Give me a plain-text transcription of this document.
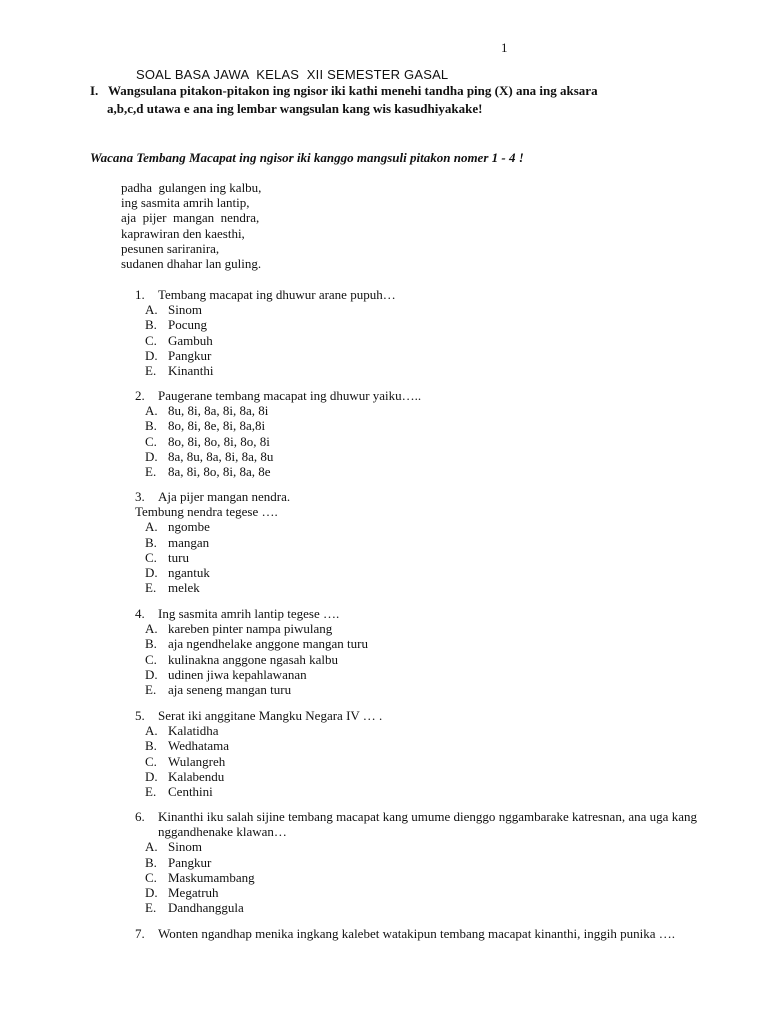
1
SOAL BASA JAWA  KELAS  XII SEMESTER GASAL
I. Wangsulana pitakon-pitakon ing ngisor iki kathi menehi tandha ping (X) ana ing aksara
a,b,c,d utawa e ana ing lembar wangsulan kang wis kasudhiyakake!
Wacana Tembang Macapat ing ngisor iki kanggo mangsuli pitakon nomer 1 - 4 !
padha  gulangen ing kalbu,
ing sasmita amrih lantip,
aja  pijer  mangan  nendra,
kaprawiran den kaesthi,
pesunen sariranira,
sudanen dhahar lan guling.
1. Tembang macapat ing dhuwur arane pupuh…
A. Sinom
B. Pocung
C. Gambuh
D. Pangkur
E. Kinanthi
2. Paugerane tembang macapat ing dhuwur yaiku…..
A. 8u, 8i, 8a, 8i, 8a, 8i
B. 8o, 8i, 8e, 8i, 8a,8i
C. 8o, 8i, 8o, 8i, 8o, 8i
D. 8a, 8u, 8a, 8i, 8a, 8u
E. 8a, 8i, 8o, 8i, 8a, 8e
3. Aja pijer mangan nendra.
Tembung nendra tegese ….
A. ngombe
B. mangan
C. turu
D. ngantuk
E. melek
4. Ing sasmita amrih lantip tegese ….
A. kareben pinter nampa piwulang
B. aja ngendhelake anggone mangan turu
C. kulinakna anggone ngasah kalbu
D. udinen jiwa kepahlawanan
E. aja seneng mangan turu
5. Serat iki anggitane Mangku Negara IV … .
A. Kalatidha
B. Wedhatama
C. Wulangreh
D. Kalabendu
E. Centhini
6. Kinanthi iku salah sijine tembang macapat kang umume dienggo nggambarake katresnan, ana uga kang nggandhenake klawan…
A. Sinom
B. Pangkur
C. Maskumambang
D. Megatruh
E. Dandhanggula
7. Wonten ngandhap menika ingkang kalebet watakipun tembang macapat kinanthi, inggih punika ….
